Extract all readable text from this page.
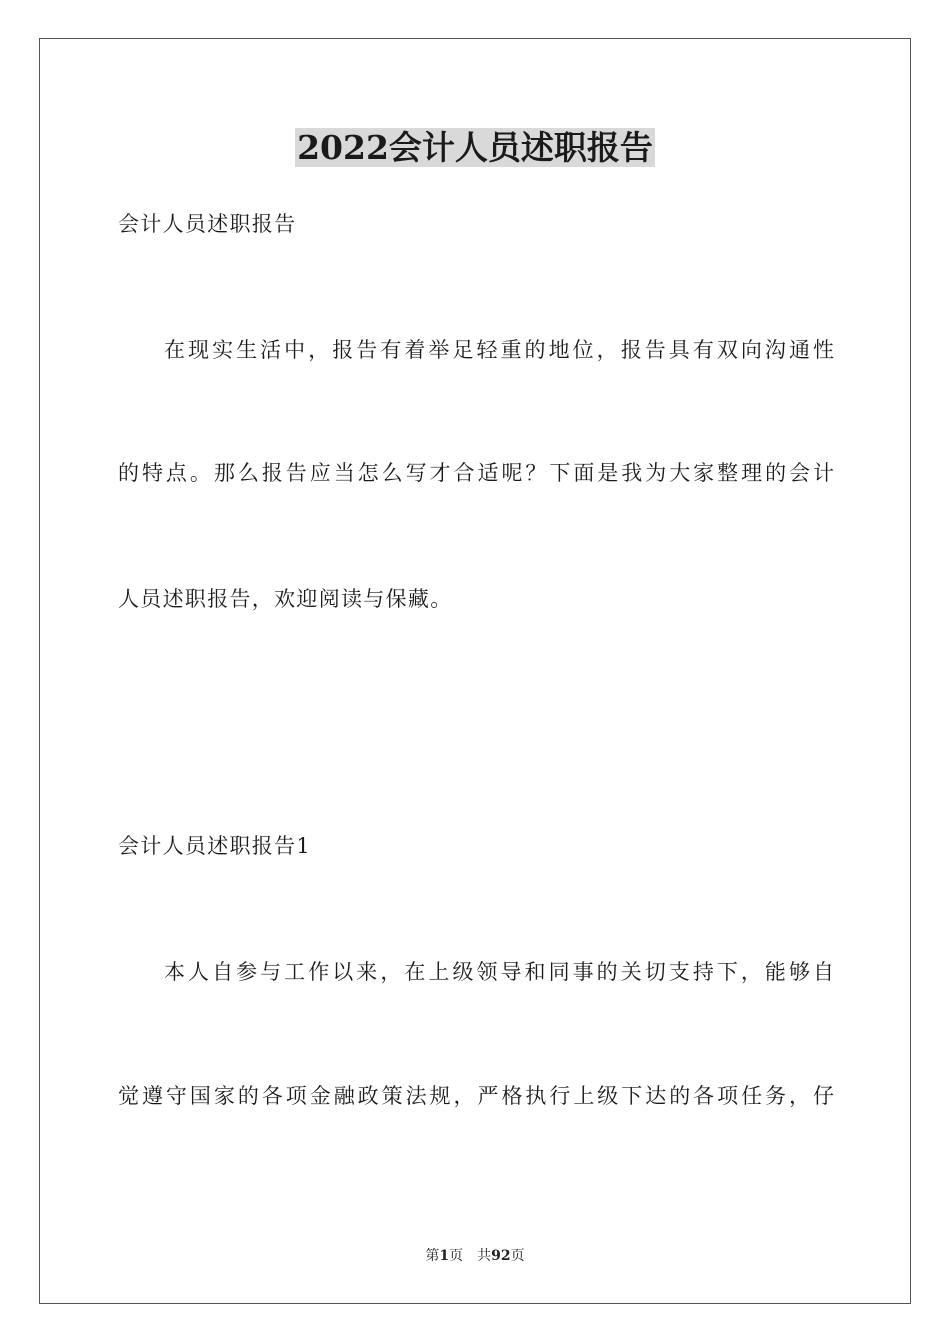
2022会计人员述职报告
会计人员述职报告
在现实生活中，报告有着举足轻重的地位，报告具有双向沟通性
的特点。那么报告应当怎么写才合适呢？下面是我为大家整理的会计
人员述职报告，欢迎阅读与保藏。
会计人员述职报告1
本人自参与工作以来，在上级领导和同事的关切支持下，能够自
觉遵守国家的各项金融政策法规，严格执行上级下达的各项任务，仔
第1页　共92页
